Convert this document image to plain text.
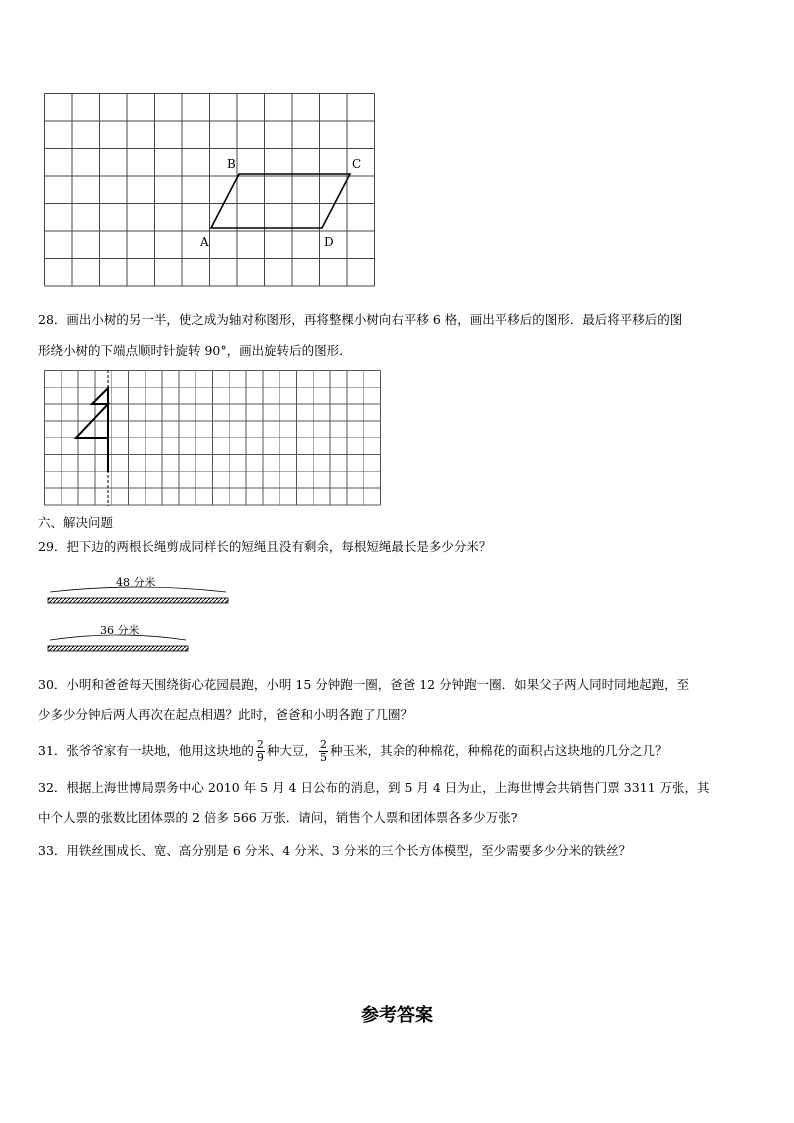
A
B	C
D
28．画出小树的另一半，使之成为轴对称图形，再将整棵小树向右平移 6 格，画出平移后的图形．最后将平移后的图
形绕小树的下端点顺时针旋转 90°，画出旋转后的图形．
六、解决问题
29．把下边的两根长绳剪成同样长的短绳且没有剩余，每根短绳最长是多少分米？
48 分米
36 分米
30．小明和爸爸每天围绕街心花园晨跑，小明 15 分钟跑一圈，爸爸 12 分钟跑一圈．如果父子两人同时同地起跑，至
少多少分钟后两人再次在起点相遇？此时，爸爸和小明各跑了几圈？
31．张爷爷家有一块地，他用这块地的 $\frac{2}{9}$ 种大豆， $\frac{2}{5}$ 种玉米，其余的种棉花，种棉花的面积占这块地的几分之几？
32．根据上海世博局票务中心 2010 年 5 月 4 日公布的消息，到 5 月 4 日为止，上海世博会共销售门票 3311 万张，其
中个人票的张数比团体票的 2 倍多 566 万张．请问，销售个人票和团体票各多少万张?
33．用铁丝围成长、宽、高分别是 6 分米、4 分米、3 分米的三个长方体模型，至少需要多少分米的铁丝？
参考答案
